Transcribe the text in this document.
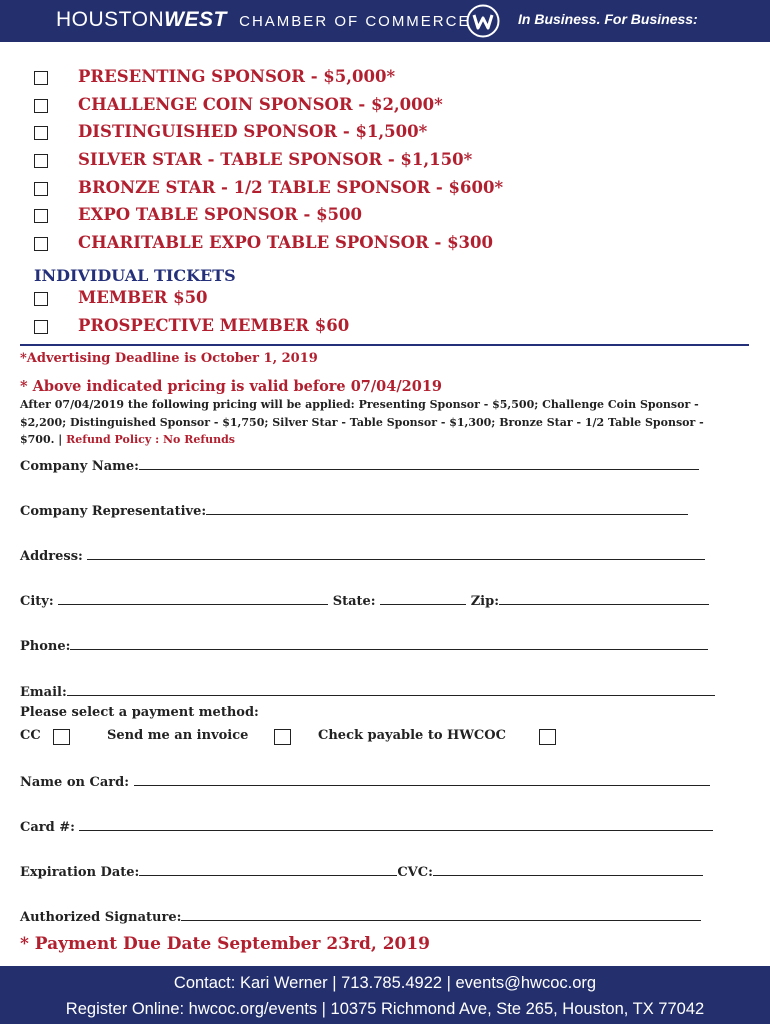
HOUSTONWEST CHAMBER OF COMMERCE	In Business. For Business:
PRESENTING SPONSOR - $5,000*
CHALLENGE COIN SPONSOR - $2,000*
DISTINGUISHED SPONSOR - $1,500*
SILVER STAR - TABLE SPONSOR - $1,150*
BRONZE STAR - 1/2 TABLE SPONSOR - $600*
EXPO TABLE SPONSOR - $500
CHARITABLE EXPO TABLE SPONSOR - $300
INDIVIDUAL TICKETS
MEMBER $50
PROSPECTIVE MEMBER $60
*Advertising Deadline is October 1, 2019
* Above indicated pricing is valid before 07/04/2019
After 07/04/2019 the following pricing will be applied: Presenting Sponsor - $5,500; Challenge Coin Sponsor - $2,200; Distinguished Sponsor - $1,750; Silver Star - Table Sponsor - $1,300; Bronze Star - 1/2 Table Sponsor - $700. | Refund Policy : No Refunds
Company Name:
Company Representative:
Address:
City:	State:	Zip:
Phone:
Email:
Please select a payment method:
CC	Send me an invoice	Check payable to HWCOC
Name on Card:
Card #:
Expiration Date:	CVC:
Authorized Signature:
* Payment Due Date September 23rd, 2019
Contact: Kari Werner | 713.785.4922 | events@hwcoc.org
Register Online: hwcoc.org/events | 10375 Richmond Ave, Ste 265, Houston, TX 77042
